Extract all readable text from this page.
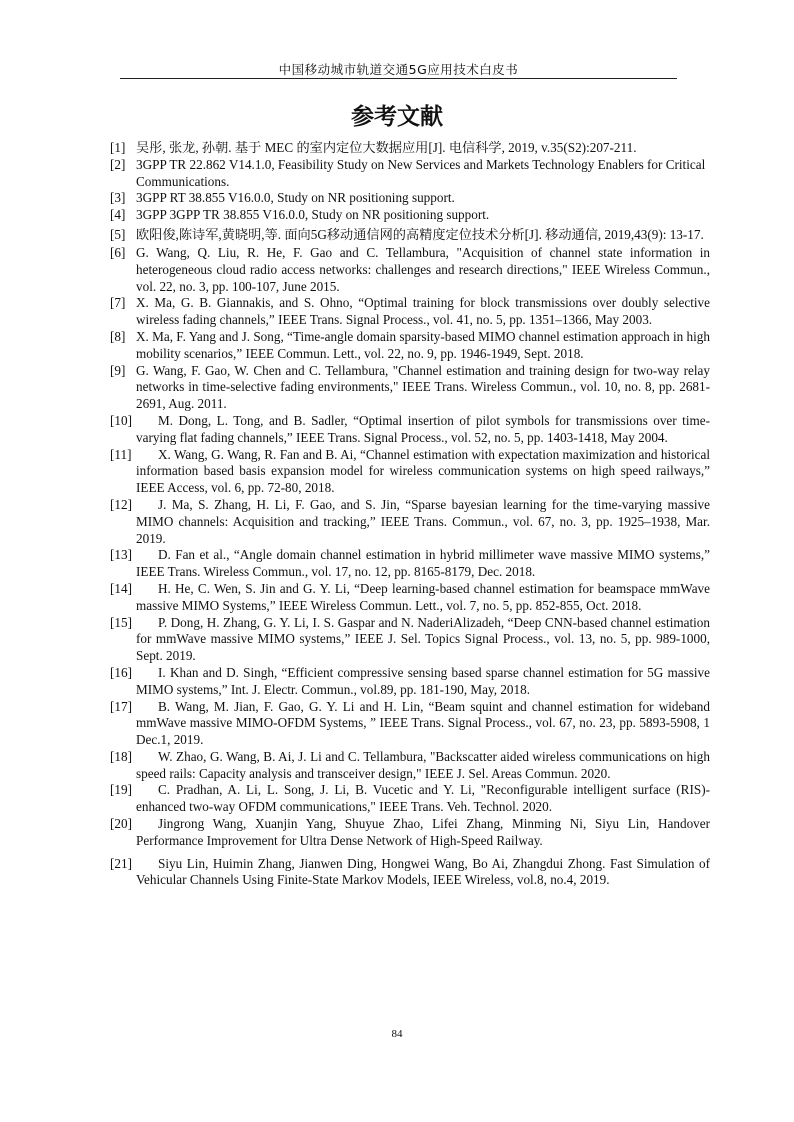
中国移动城市轨道交通5G应用技术白皮书
参考文献
[1] 吴彤, 张龙, 孙朝. 基于 MEC 的室内定位大数据应用[J]. 电信科学, 2019, v.35(S2):207-211.
[2] 3GPP TR 22.862 V14.1.0, Feasibility Study on New Services and Markets Technology Enablers for Critical Communications.
[3] 3GPP RT 38.855 V16.0.0, Study on NR positioning support.
[4] 3GPP 3GPP TR 38.855 V16.0.0, Study on NR positioning support.
[5] 欧阳俊,陈诗军,黄晓明,等. 面向5G移动通信网的高精度定位技术分析[J]. 移动通信, 2019,43(9): 13-17.
[6] G. Wang, Q. Liu, R. He, F. Gao and C. Tellambura, "Acquisition of channel state information in heterogeneous cloud radio access networks: challenges and research directions," IEEE Wireless Commun., vol. 22, no. 3, pp. 100-107, June 2015.
[7] X. Ma, G. B. Giannakis, and S. Ohno, “Optimal training for block transmissions over doubly selective wireless fading channels,” IEEE Trans. Signal Process., vol. 41, no. 5, pp. 1351–1366, May 2003.
[8] X. Ma, F. Yang and J. Song, “Time-angle domain sparsity-based MIMO channel estimation approach in high mobility scenarios,” IEEE Commun. Lett., vol. 22, no. 9, pp. 1946-1949, Sept. 2018.
[9] G. Wang, F. Gao, W. Chen and C. Tellambura, "Channel estimation and training design for two-way relay networks in time-selective fading environments," IEEE Trans. Wireless Commun., vol. 10, no. 8, pp. 2681-2691, Aug. 2011.
[10]	M. Dong, L. Tong, and B. Sadler, “Optimal insertion of pilot symbols for transmissions over time-varying flat fading channels,” IEEE Trans. Signal Process., vol. 52, no. 5, pp. 1403-1418, May 2004.
[11]	X. Wang, G. Wang, R. Fan and B. Ai, “Channel estimation with expectation maximization and historical information based basis expansion model for wireless communication systems on high speed railways,” IEEE Access, vol. 6, pp. 72-80, 2018.
[12]	J. Ma, S. Zhang, H. Li, F. Gao, and S. Jin, “Sparse bayesian learning for the time-varying massive MIMO channels: Acquisition and tracking,” IEEE Trans. Commun., vol. 67, no. 3, pp. 1925–1938, Mar. 2019.
[13]	D. Fan et al., “Angle domain channel estimation in hybrid millimeter wave massive MIMO systems,” IEEE Trans. Wireless Commun., vol. 17, no. 12, pp. 8165-8179, Dec. 2018.
[14]	H. He, C. Wen, S. Jin and G. Y. Li, “Deep learning-based channel estimation for beamspace mmWave massive MIMO Systems,” IEEE Wireless Commun. Lett., vol. 7, no. 5, pp. 852-855, Oct. 2018.
[15]	P. Dong, H. Zhang, G. Y. Li, I. S. Gaspar and N. NaderiAlizadeh, “Deep CNN-based channel estimation for mmWave massive MIMO systems,” IEEE J. Sel. Topics Signal Process., vol. 13, no. 5, pp. 989-1000, Sept. 2019.
[16]	I. Khan and D. Singh, “Efficient compressive sensing based sparse channel estimation for 5G massive MIMO systems,” Int. J. Electr. Commun., vol.89, pp. 181-190, May, 2018.
[17]	B. Wang, M. Jian, F. Gao, G. Y. Li and H. Lin, “Beam squint and channel estimation for wideband mmWave massive MIMO-OFDM Systems, ” IEEE Trans. Signal Process., vol. 67, no. 23, pp. 5893-5908, 1 Dec.1, 2019.
[18]	W. Zhao, G. Wang, B. Ai, J. Li and C. Tellambura, "Backscatter aided wireless communications on high speed rails: Capacity analysis and transceiver design," IEEE J. Sel. Areas Commun. 2020.
[19]	C. Pradhan, A. Li, L. Song, J. Li, B. Vucetic and Y. Li, "Reconfigurable intelligent surface (RIS)-enhanced two-way OFDM communications," IEEE Trans. Veh. Technol. 2020.
[20]	Jingrong Wang, Xuanjin Yang, Shuyue Zhao, Lifei Zhang, Minming Ni, Siyu Lin, Handover Performance Improvement for Ultra Dense Network of High-Speed Railway.
[21]	Siyu Lin, Huimin Zhang, Jianwen Ding, Hongwei Wang, Bo Ai, Zhangdui Zhong. Fast Simulation of Vehicular Channels Using Finite-State Markov Models, IEEE Wireless, vol.8, no.4, 2019.
84
